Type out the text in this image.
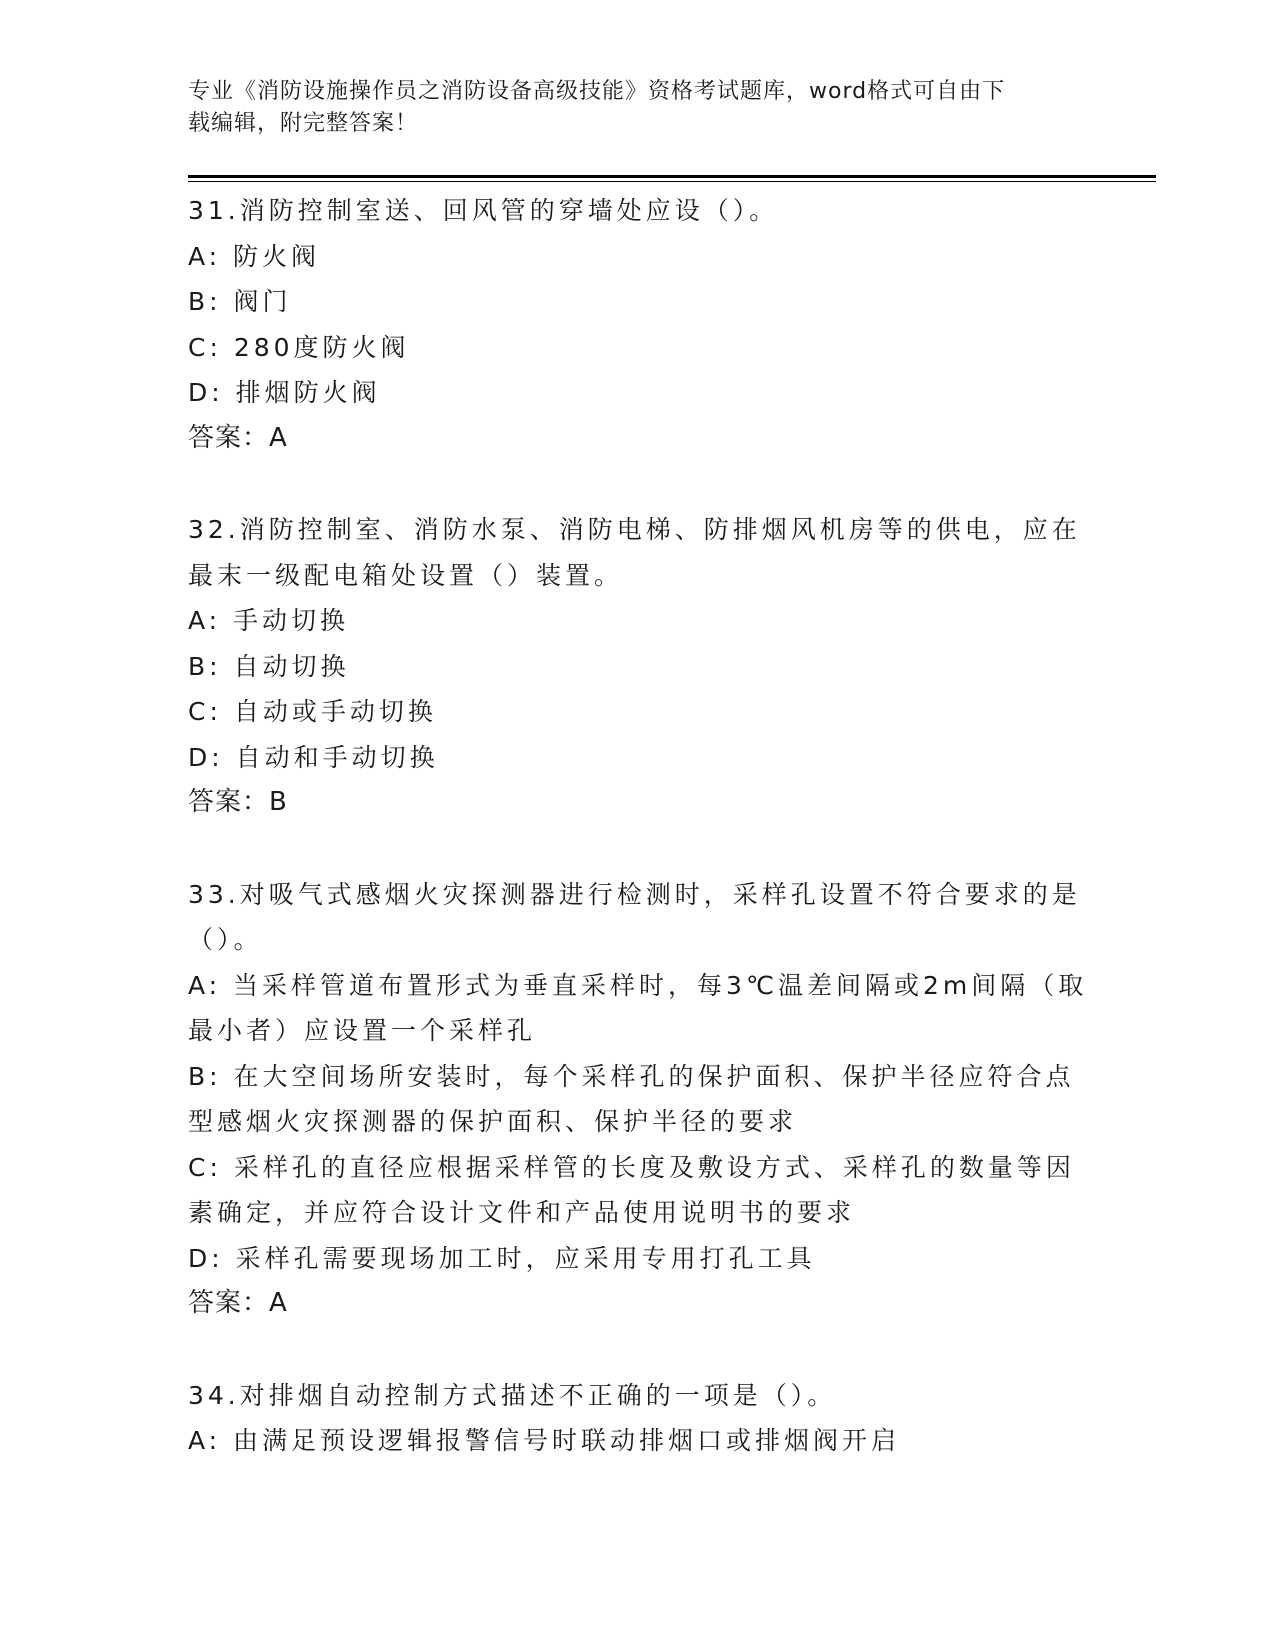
专业《消防设施操作员之消防设备高级技能》资格考试题库，word格式可自由下
载编辑，附完整答案！
31.消防控制室送、回风管的穿墙处应设（）。
A: 防火阀
B: 阀门
C: 280度防火阀
D: 排烟防火阀
答案：A
32.消防控制室、消防水泵、消防电梯、防排烟风机房等的供电，应在
最末一级配电箱处设置（）装置。
A: 手动切换
B: 自动切换
C: 自动或手动切换
D: 自动和手动切换
答案：B
33.对吸气式感烟火灾探测器进行检测时，采样孔设置不符合要求的是
（）。
A: 当采样管道布置形式为垂直采样时，每3℃温差间隔或2m间隔（取
最小者）应设置一个采样孔
B: 在大空间场所安装时，每个采样孔的保护面积、保护半径应符合点
型感烟火灾探测器的保护面积、保护半径的要求
C: 采样孔的直径应根据采样管的长度及敷设方式、采样孔的数量等因
素确定，并应符合设计文件和产品使用说明书的要求
D: 采样孔需要现场加工时，应采用专用打孔工具
答案：A
34.对排烟自动控制方式描述不正确的一项是（）。
A: 由满足预设逻辑报警信号时联动排烟口或排烟阀开启
